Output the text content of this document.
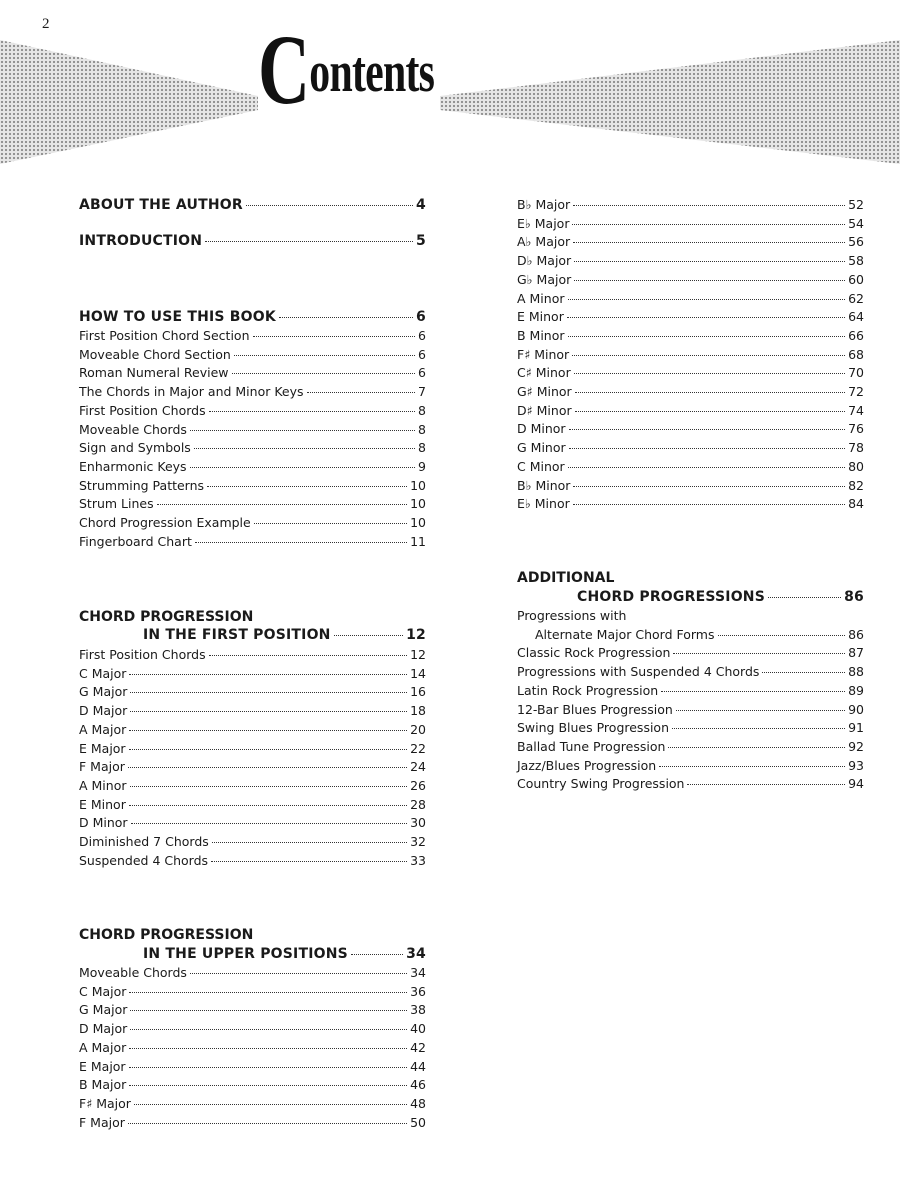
2 Contents
ABOUT THE AUTHOR	4
INTRODUCTION	5
HOW TO USE THIS BOOK	6
First Position Chord Section	6
Moveable Chord Section	6
Roman Numeral Review	6
The Chords in Major and Minor Keys	7
First Position Chords	8
Moveable Chords	8
Sign and Symbols	8
Enharmonic Keys	9
Strumming Patterns	10
Strum Lines	10
Chord Progression Example	10
Fingerboard Chart	11
CHORD PROGRESSION
IN THE FIRST POSITION	12
First Position Chords	12
C Major	14
G Major	16
D Major	18
A Major	20
E Major	22
F Major	24
A Minor	26
E Minor	28
D Minor	30
Diminished 7 Chords	32
Suspended 4 Chords	33
CHORD PROGRESSION
IN THE UPPER POSITIONS	34
Moveable Chords	34
C Major	36
G Major	38
D Major	40
A Major	42
E Major	44
B Major	46
F♯ Major	48
F Major	50
B♭ Major	52
E♭ Major	54
A♭ Major	56
D♭ Major	58
G♭ Major	60
A Minor	62
E Minor	64
B Minor	66
F♯ Minor	68
C♯ Minor	70
G♯ Minor	72
D♯ Minor	74
D Minor	76
G Minor	78
C Minor	80
B♭ Minor	82
E♭ Minor	84
ADDITIONAL
CHORD PROGRESSIONS	86
Progressions with
Alternate Major Chord Forms	86
Classic Rock Progression	87
Progressions with Suspended 4 Chords	88
Latin Rock Progression	89
12-Bar Blues Progression	90
Swing Blues Progression	91
Ballad Tune Progression	92
Jazz/Blues Progression	93
Country Swing Progression	94
